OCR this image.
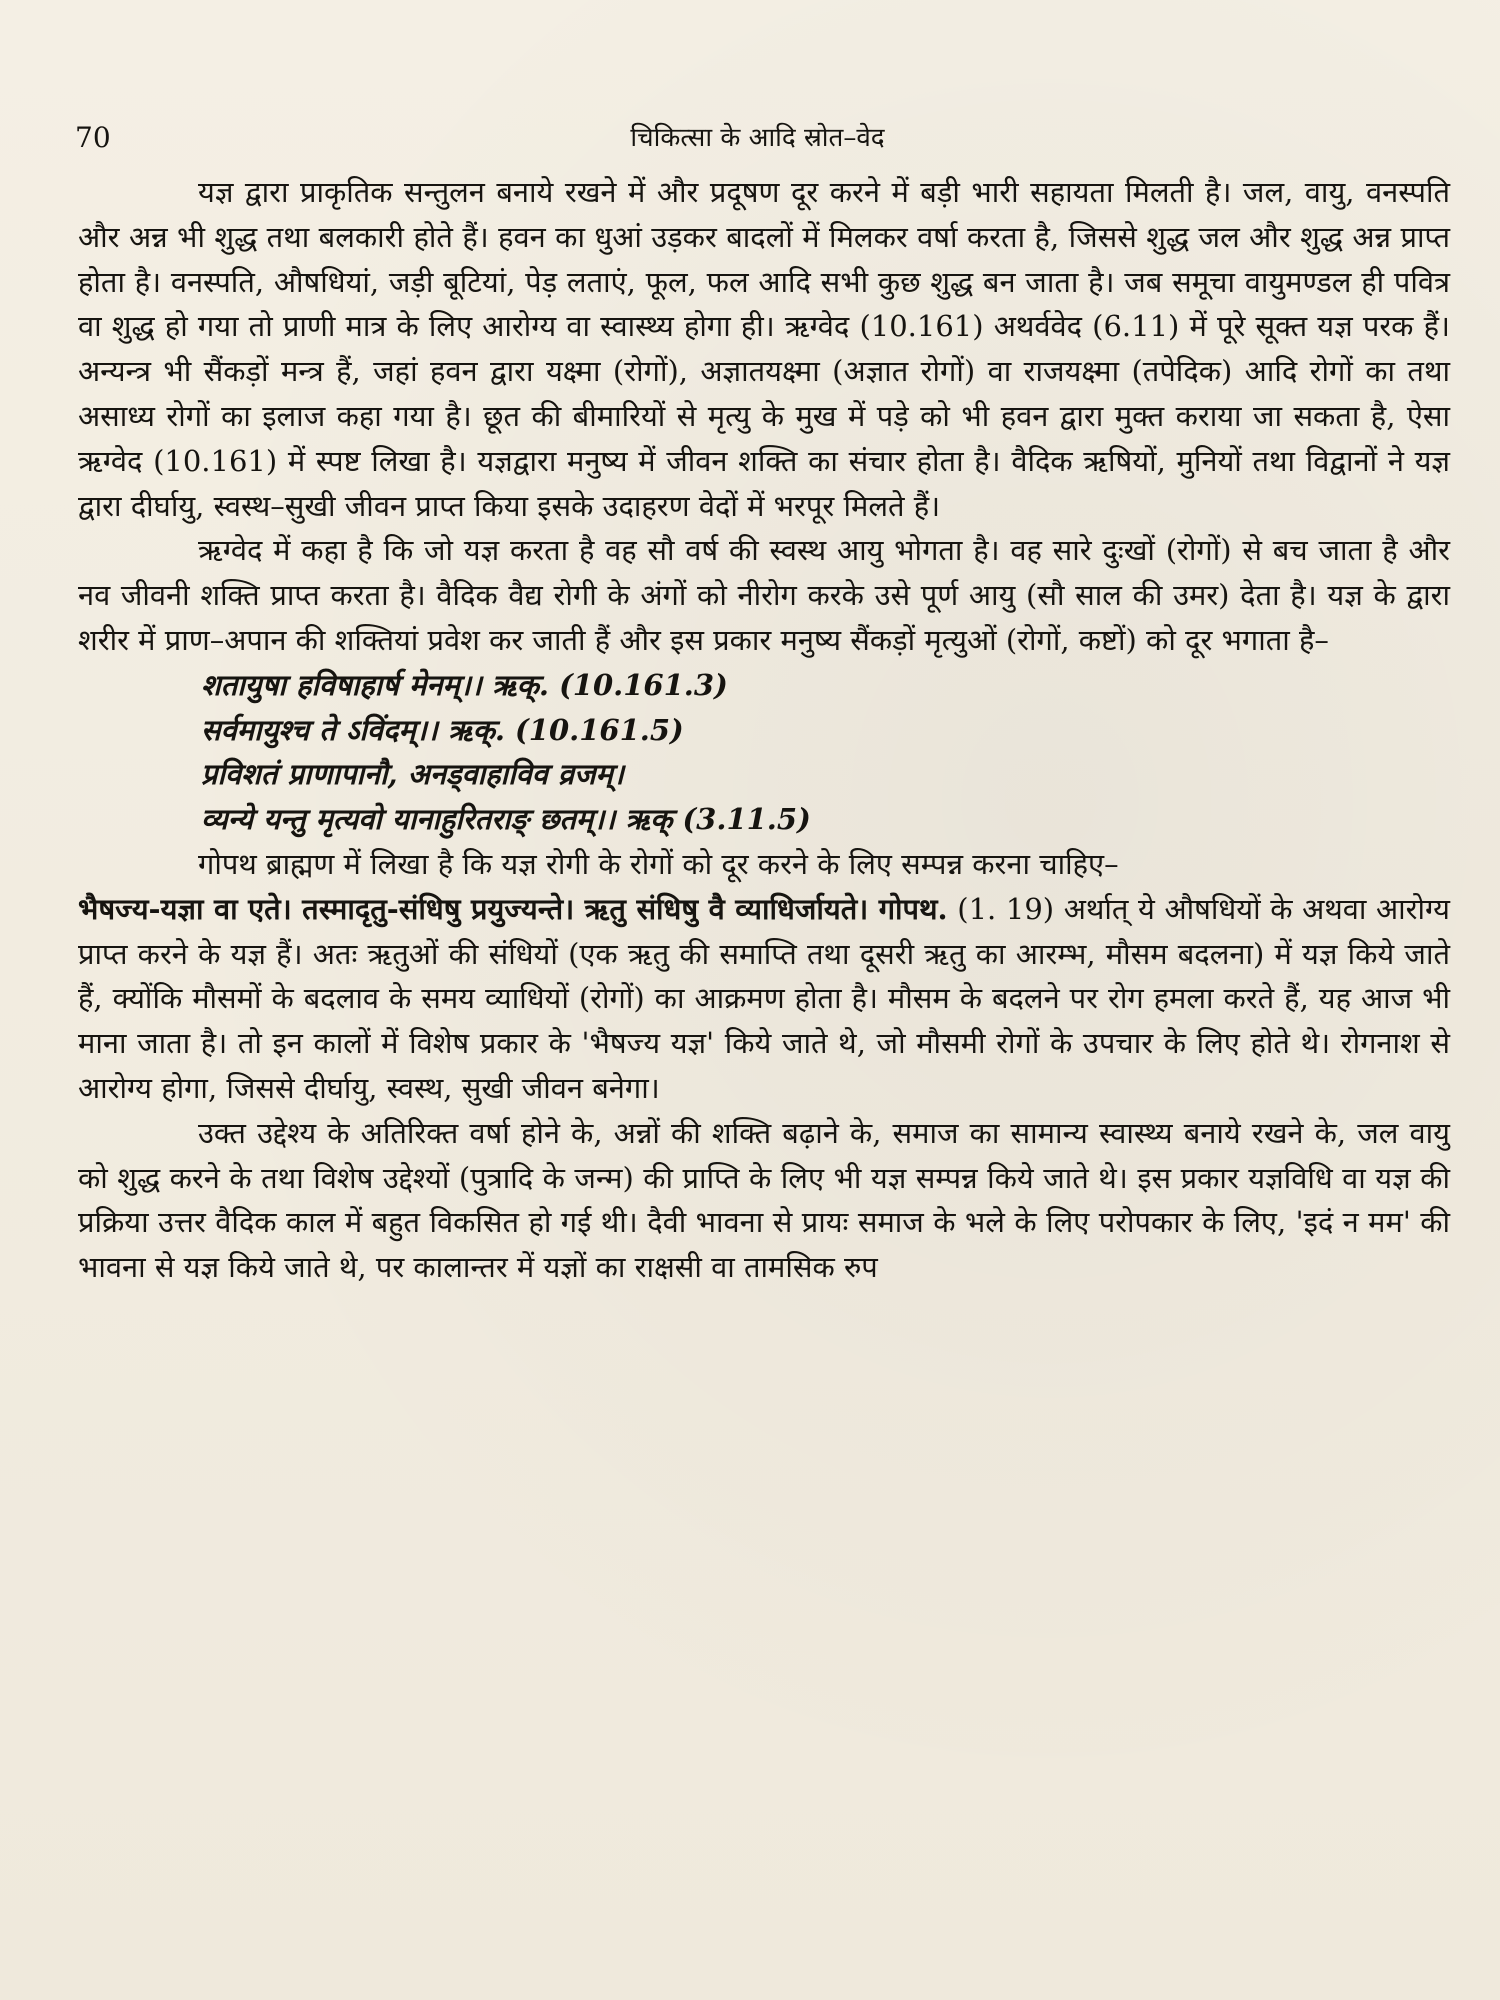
चिकित्सा के आदि स्रोत–वेद
70

यज्ञ द्वारा प्राकृतिक सन्तुलन बनाये रखने में और प्रदूषण दूर करने में बड़ी भारी सहायता मिलती है। जल, वायु, वनस्पति और अन्न भी शुद्ध तथा बलकारी होते हैं। हवन का धुआं उड़कर बादलों में मिलकर वर्षा करता है, जिससे शुद्ध जल और शुद्ध अन्न प्राप्त होता है। वनस्पति, औषधियां, जड़ी बूटियां, पेड़ लताएं, फूल, फल आदि सभी कुछ शुद्ध बन जाता है। जब समूचा वायुमण्डल ही पवित्र वा शुद्ध हो गया तो प्राणी मात्र के लिए आरोग्य वा स्वास्थ्य होगा ही। ऋग्वेद (10.161) अथर्ववेद (6.11) में पूरे सूक्त यज्ञ परक हैं। अन्यन्त्र भी सैंकड़ों मन्त्र हैं, जहां हवन द्वारा यक्ष्मा (रोगों), अज्ञातयक्ष्मा (अज्ञात रोगों) वा राजयक्ष्मा (तपेदिक) आदि रोगों का तथा असाध्य रोगों का इलाज कहा गया है। छूत की बीमारियों से मृत्यु के मुख में पड़े को भी हवन द्वारा मुक्त कराया जा सकता है, ऐसा ऋग्वेद (10.161) में स्पष्ट लिखा है। यज्ञद्वारा मनुष्य में जीवन शक्ति का संचार होता है। वैदिक ऋषियों, मुनियों तथा विद्वानों ने यज्ञ द्वारा दीर्घायु, स्वस्थ–सुखी जीवन प्राप्त किया इसके उदाहरण वेदों में भरपूर मिलते हैं।

ऋग्वेद में कहा है कि जो यज्ञ करता है वह सौ वर्ष की स्वस्थ आयु भोगता है। वह सारे दुःखों (रोगों) से बच जाता है और नव जीवनी शक्ति प्राप्त करता है। वैदिक वैद्य रोगी के अंगों को नीरोग करके उसे पूर्ण आयु (सौ साल की उमर) देता है। यज्ञ के द्वारा शरीर में प्राण–अपान की शक्तियां प्रवेश कर जाती हैं और इस प्रकार मनुष्य सैंकड़ों मृत्युओं (रोगों, कष्टों) को दूर भगाता है–

शतायुषा हविषाहार्ष मेनम्।। ऋक्. (10.161.3)

सर्वमायुश्च ते ऽविंदम्।। ऋक्. (10.161.5)

प्रविशतं प्राणापानौ, अनड्वाहाविव व्रजम्।

व्यन्ये यन्तु मृत्यवो यानाहुरितराङ् छतम्।। ऋक् (3.11.5)

गोपथ ब्राह्मण में लिखा है कि यज्ञ रोगी के रोगों को दूर करने के लिए सम्पन्न करना चाहिए–

भैषज्य-यज्ञा वा एते। तस्मादृतु-संधिषु प्रयुज्यन्ते। ऋतु संधिषु वै व्याधिर्जायते। गोपथ. (1. 19) अर्थात् ये औषधियों के अथवा आरोग्य प्राप्त करने के यज्ञ हैं। अतः ऋतुओं की संधियों (एक ऋतु की समाप्ति तथा दूसरी ऋतु का आरम्भ, मौसम बदलना) में यज्ञ किये जाते हैं, क्योंकि मौसमों के बदलाव के समय व्याधियों (रोगों) का आक्रमण होता है। मौसम के बदलने पर रोग हमला करते हैं, यह आज भी माना जाता है। तो इन कालों में विशेष प्रकार के 'भैषज्य यज्ञ' किये जाते थे, जो मौसमी रोगों के उपचार के लिए होते थे। रोगनाश से आरोग्य होगा, जिससे दीर्घायु, स्वस्थ, सुखी जीवन बनेगा।

उक्त उद्देश्य के अतिरिक्त वर्षा होने के, अन्नों की शक्ति बढ़ाने के, समाज का सामान्य स्वास्थ्य बनाये रखने के, जल वायु को शुद्ध करने के तथा विशेष उद्देश्यों (पुत्रादि के जन्म) की प्राप्ति के लिए भी यज्ञ सम्पन्न किये जाते थे। इस प्रकार यज्ञविधि वा यज्ञ की प्रक्रिया उत्तर वैदिक काल में बहुत विकसित हो गई थी। दैवी भावना से प्रायः समाज के भले के लिए परोपकार के लिए, 'इदं न मम' की भावना से यज्ञ किये जाते थे, पर कालान्तर में यज्ञों का राक्षसी वा तामसिक रुप
